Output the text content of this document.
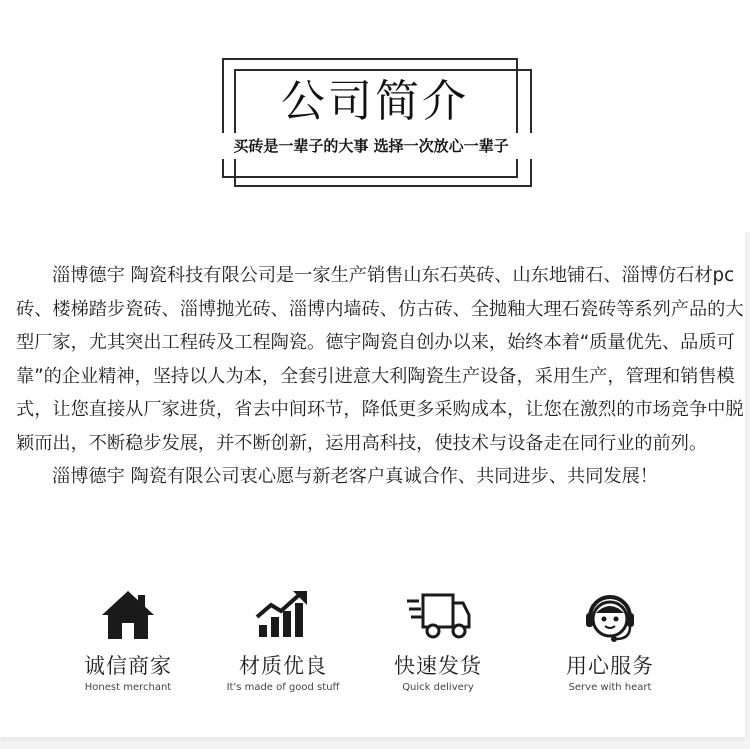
公司简介
买砖是一辈子的大事 选择一次放心一辈子

淄博德宇 陶瓷科技有限公司是一家生产销售山东石英砖、山东地铺石、淄博仿石材pc砖、楼梯踏步瓷砖、淄博抛光砖、淄博内墙砖、仿古砖、全抛釉大理石瓷砖等系列产品的大型厂家，尤其突出工程砖及工程陶瓷。德宇陶瓷自创办以来，始终本着“质量优先、品质可靠”的企业精神，坚持以人为本，全套引进意大利陶瓷生产设备，采用生产，管理和销售模式，让您直接从厂家进货，省去中间环节，降低更多采购成本，让您在激烈的市场竞争中脱颖而出，不断稳步发展，并不断创新，运用高科技，使技术与设备走在同行业的前列。

淄博德宇 陶瓷有限公司衷心愿与新老客户真诚合作、共同进步、共同发展！

诚信商家
Honest merchant
材质优良
It's made of good stuff
快速发货
Quick delivery
用心服务
Serve with heart
